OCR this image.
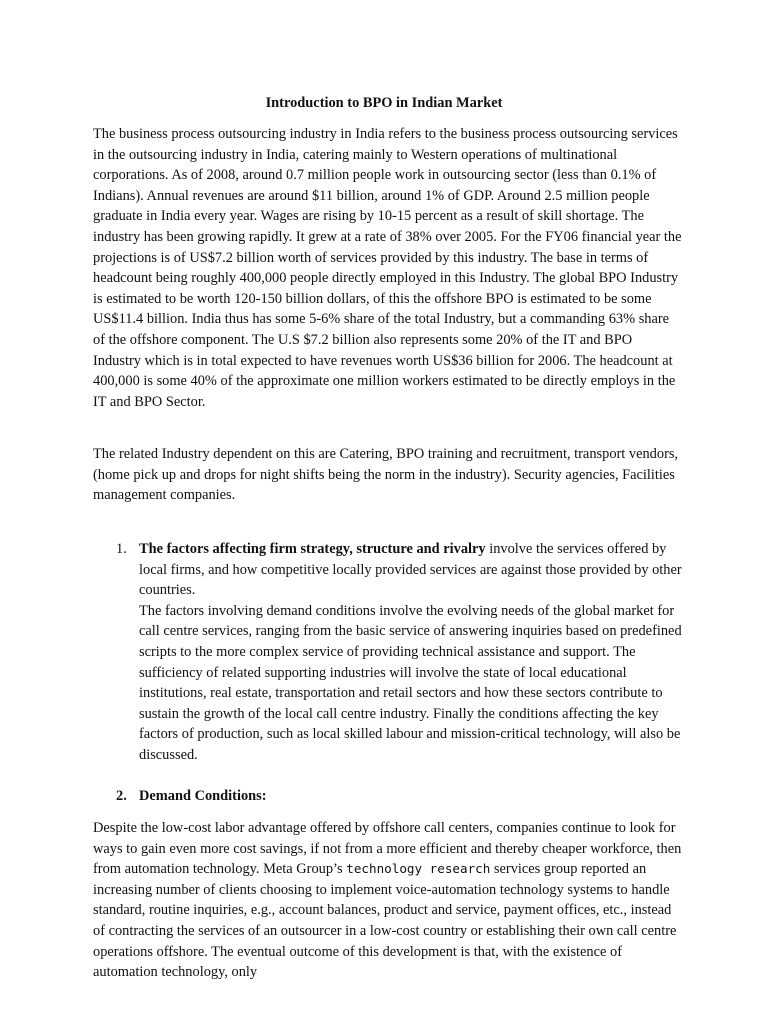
Introduction to BPO in Indian Market

The business process outsourcing industry in India refers to the business process outsourcing services in the outsourcing industry in India, catering mainly to Western operations of multinational corporations. As of 2008, around 0.7 million people work in outsourcing sector (less than 0.1% of Indians). Annual revenues are around $11 billion, around 1% of GDP. Around 2.5 million people graduate in India every year. Wages are rising by 10-15 percent as a result of skill shortage. The industry has been growing rapidly. It grew at a rate of 38% over 2005. For the FY06 financial year the projections is of US$7.2 billion worth of services provided by this industry. The base in terms of headcount being roughly 400,000 people directly employed in this Industry. The global BPO Industry is estimated to be worth 120-150 billion dollars, of this the offshore BPO is estimated to be some US$11.4 billion. India thus has some 5-6% share of the total Industry, but a commanding 63% share of the offshore component. The U.S $7.2 billion also represents some 20% of the IT and BPO Industry which is in total expected to have revenues worth US$36 billion for 2006. The headcount at 400,000 is some 40% of the approximate one million workers estimated to be directly employs in the IT and BPO Sector.

The related Industry dependent on this are Catering, BPO training and recruitment, transport vendors, (home pick up and drops for night shifts being the norm in the industry). Security agencies, Facilities management companies.

1. The factors affecting firm strategy, structure and rivalry involve the services offered by local firms, and how competitive locally provided services are against those provided by other countries.

The factors involving demand conditions involve the evolving needs of the global market for call centre services, ranging from the basic service of answering inquiries based on predefined scripts to the more complex service of providing technical assistance and support. The sufficiency of related supporting industries will involve the state of local educational institutions, real estate, transportation and retail sectors and how these sectors contribute to sustain the growth of the local call centre industry. Finally the conditions affecting the key factors of production, such as local skilled labour and mission-critical technology, will also be discussed.

2. Demand Conditions:

Despite the low-cost labor advantage offered by offshore call centers, companies continue to look for ways to gain even more cost savings, if not from a more efficient and thereby cheaper workforce, then from automation technology. Meta Group’s technology research services group reported an increasing number of clients choosing to implement voice-automation technology systems to handle standard, routine inquiries, e.g., account balances, product and service, payment offices, etc., instead of contracting the services of an outsourcer in a low-cost country or establishing their own call centre operations offshore. The eventual outcome of this development is that, with the existence of automation technology, only
